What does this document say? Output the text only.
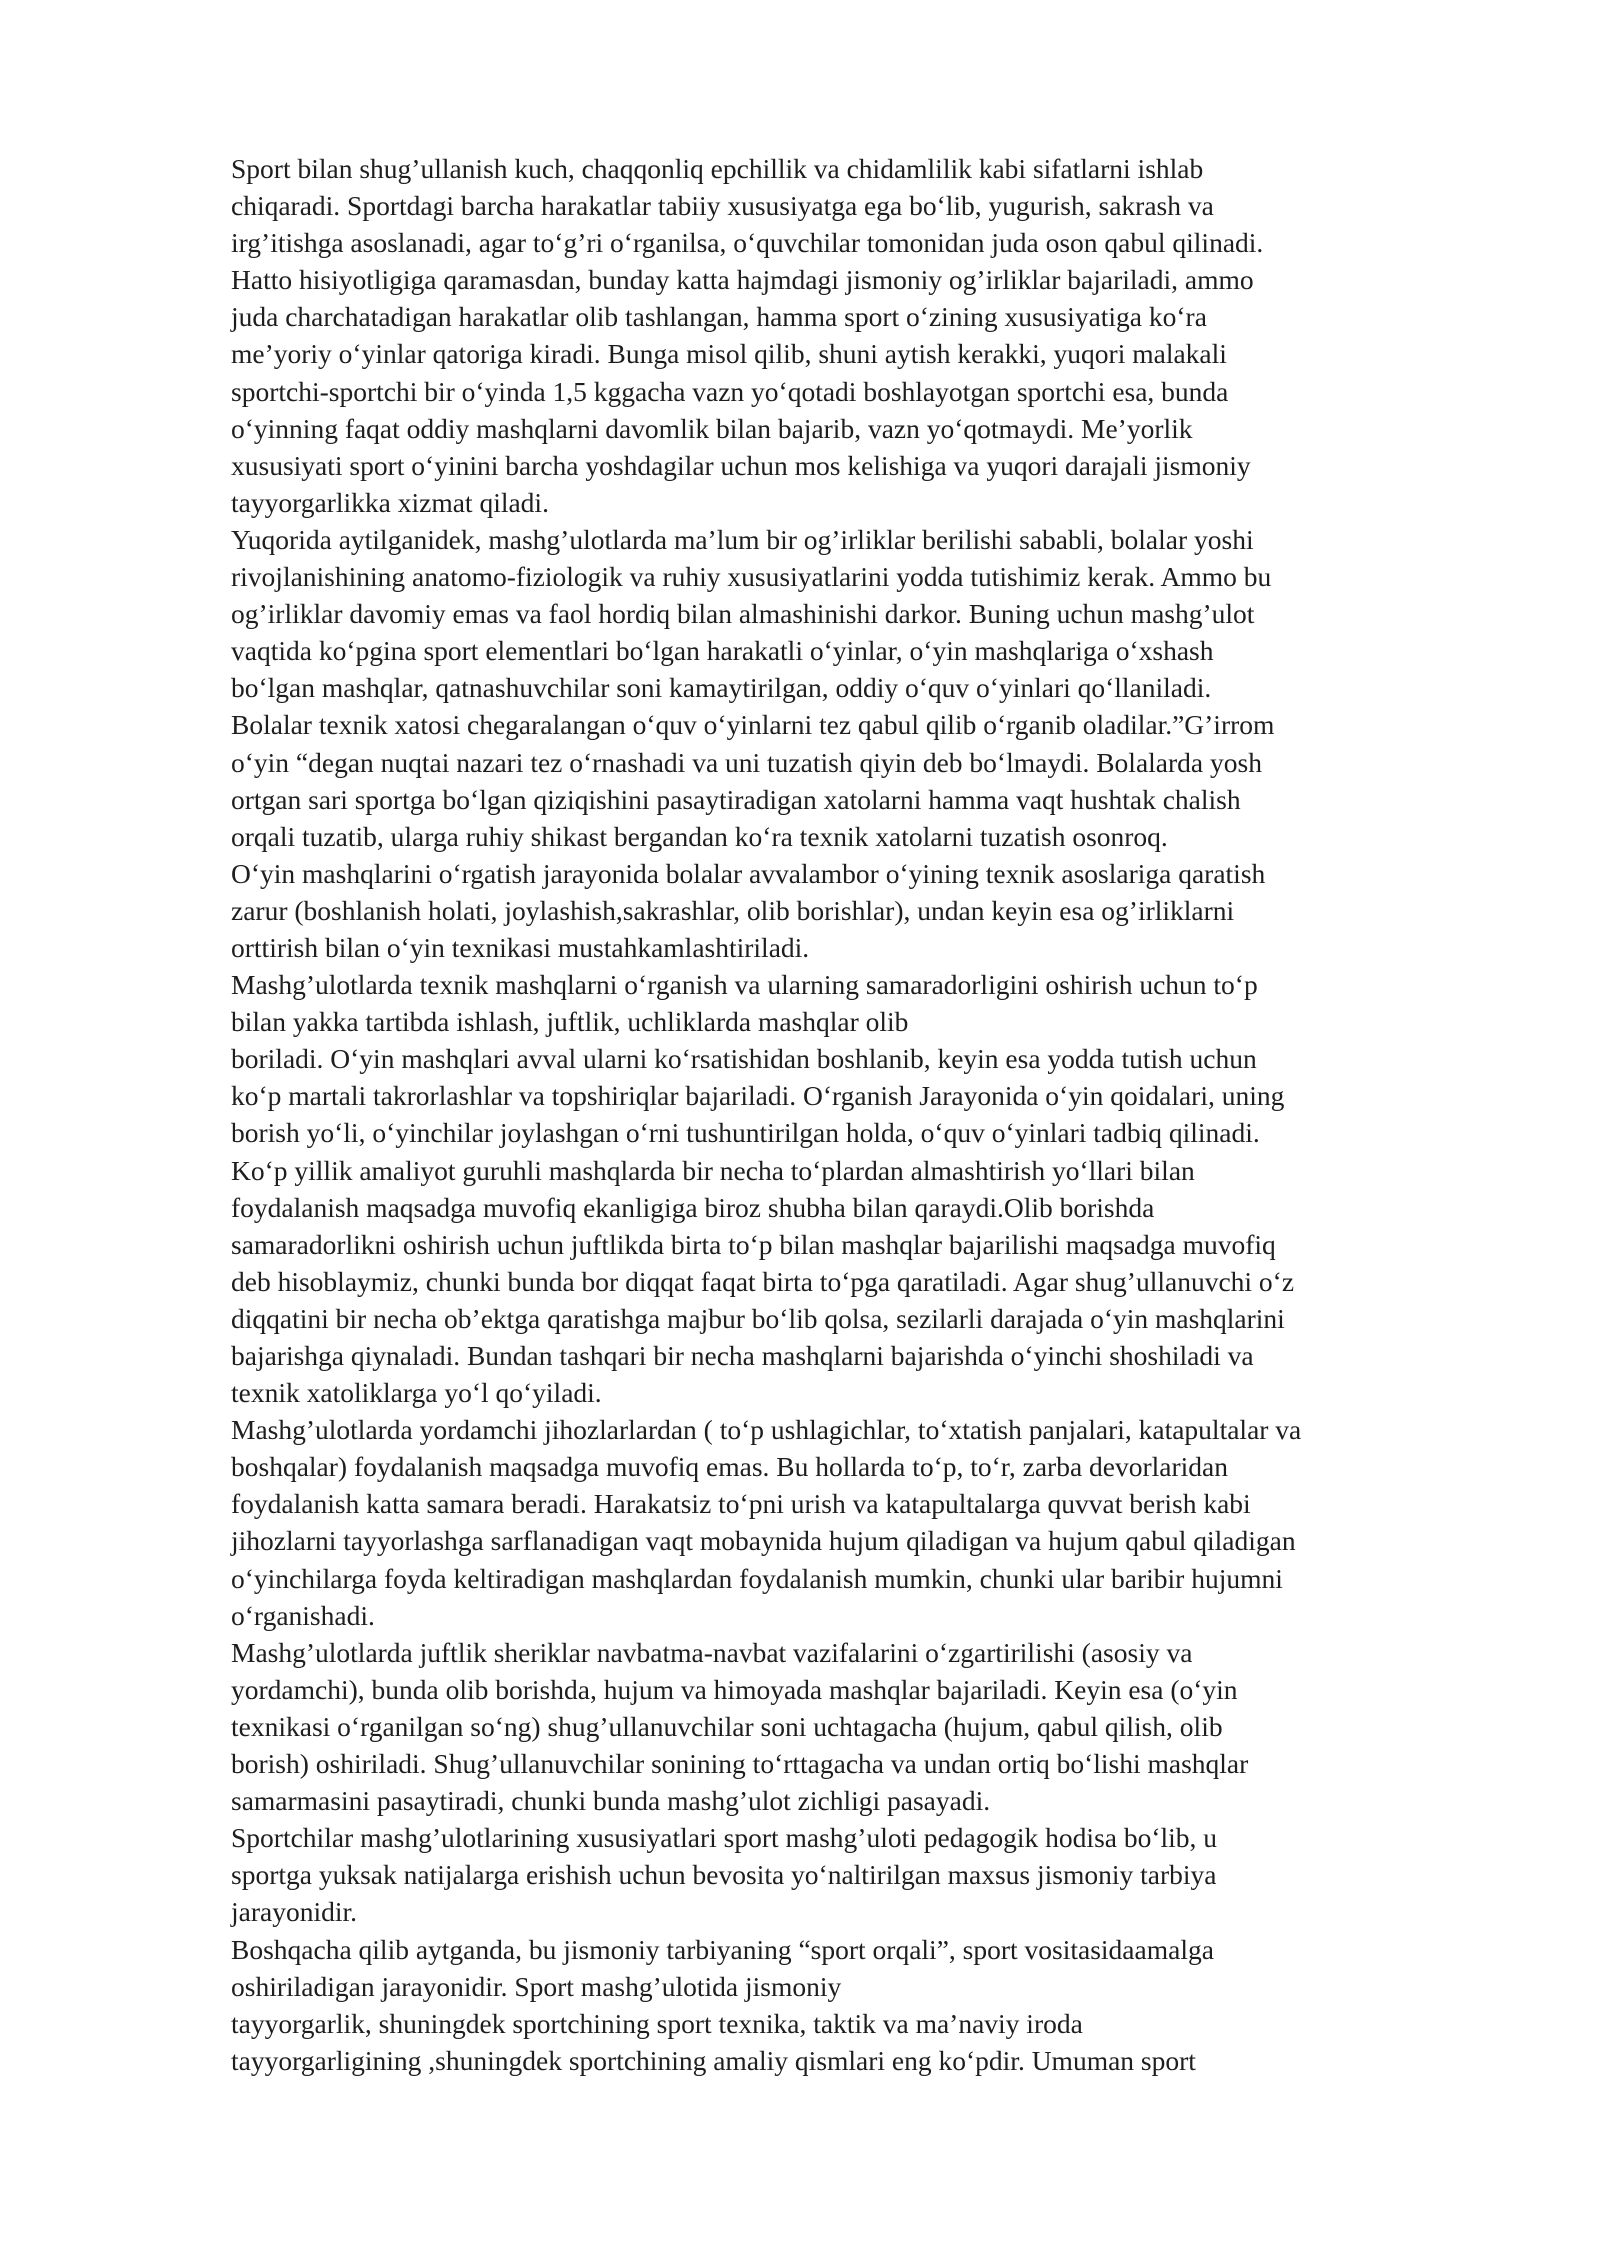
Sport bilan shug’ullanish kuch, chaqqonliq epchillik va chidamlilik kabi sifatlarni ishlab
chiqaradi. Sportdagi barcha harakatlar tabiiy xususiyatga ega bo‘lib, yugurish, sakrash va
irg’itishga asoslanadi, agar to‘g’ri o‘rganilsa, o‘quvchilar tomonidan juda oson qabul qilinadi.
Hatto hisiyotligiga qaramasdan, bunday katta hajmdagi jismoniy og’irliklar bajariladi, ammo
juda charchatadigan harakatlar olib tashlangan, hamma sport o‘zining xususiyatiga ko‘ra
me’yoriy o‘yinlar qatoriga kiradi. Bunga misol qilib, shuni aytish kerakki, yuqori malakali
sportchi-sportchi bir o‘yinda 1,5 kggacha vazn yo‘qotadi boshlayotgan sportchi esa, bunda
o‘yinning faqat oddiy mashqlarni davomlik bilan bajarib, vazn yo‘qotmaydi. Me’yorlik
xususiyati sport o‘yinini barcha yoshdagilar uchun mos kelishiga va yuqori darajali jismoniy
tayyorgarlikka xizmat qiladi.
Yuqorida aytilganidek, mashg’ulotlarda ma’lum bir og’irliklar berilishi sababli, bolalar yoshi
rivojlanishining anatomo-fiziologik va ruhiy xususiyatlarini yodda tutishimiz kerak. Ammo bu
og’irliklar davomiy emas va faol hordiq bilan almashinishi darkor. Buning uchun mashg’ulot
vaqtida ko‘pgina sport elementlari bo‘lgan harakatli o‘yinlar, o‘yin mashqlariga o‘xshash
bo‘lgan mashqlar, qatnashuvchilar soni kamaytirilgan, oddiy o‘quv o‘yinlari qo‘llaniladi.
Bolalar texnik xatosi chegaralangan o‘quv o‘yinlarni tez qabul qilib o‘rganib oladilar.”G’irrom
o‘yin “degan nuqtai nazari tez o‘rnashadi va uni tuzatish qiyin deb bo‘lmaydi. Bolalarda yosh
ortgan sari sportga bo‘lgan qiziqishini pasaytiradigan xatolarni hamma vaqt hushtak chalish
orqali tuzatib, ularga ruhiy shikast bergandan ko‘ra texnik xatolarni tuzatish osonroq.
O‘yin mashqlarini o‘rgatish jarayonida bolalar avvalambor o‘yining texnik asoslariga qaratish
zarur (boshlanish holati, joylashish,sakrashlar, olib borishlar), undan keyin esa og’irliklarni
orttirish bilan o‘yin texnikasi mustahkamlashtiriladi.
Mashg’ulotlarda texnik mashqlarni o‘rganish va ularning samaradorligini oshirish uchun to‘p
bilan yakka tartibda ishlash, juftlik, uchliklarda mashqlar olib
boriladi. O‘yin mashqlari avval ularni ko‘rsatishidan boshlanib, keyin esa yodda tutish uchun
ko‘p martali takrorlashlar va topshiriqlar bajariladi. O‘rganish Jarayonida o‘yin qoidalari, uning
borish yo‘li, o‘yinchilar joylashgan o‘rni tushuntirilgan holda, o‘quv o‘yinlari tadbiq qilinadi.
Ko‘p yillik amaliyot guruhli mashqlarda bir necha to‘plardan almashtirish yo‘llari bilan
foydalanish maqsadga muvofiq ekanligiga biroz shubha bilan qaraydi.Olib borishda
samaradorlikni oshirish uchun juftlikda birta to‘p bilan mashqlar bajarilishi maqsadga muvofiq
deb hisoblaymiz, chunki bunda bor diqqat faqat birta to‘pga qaratiladi. Agar shug’ullanuvchi o‘z
diqqatini bir necha ob’ektga qaratishga majbur bo‘lib qolsa, sezilarli darajada o‘yin mashqlarini
bajarishga qiynaladi. Bundan tashqari bir necha mashqlarni bajarishda o‘yinchi shoshiladi va
texnik xatoliklarga yo‘l qo‘yiladi.
Mashg’ulotlarda yordamchi jihozlarlardan ( to‘p ushlagichlar, to‘xtatish panjalari, katapultalar va
boshqalar) foydalanish maqsadga muvofiq emas. Bu hollarda to‘p, to‘r, zarba devorlaridan
foydalanish katta samara beradi. Harakatsiz to‘pni urish va katapultalarga quvvat berish kabi
jihozlarni tayyorlashga sarflanadigan vaqt mobaynida hujum qiladigan va hujum qabul qiladigan
o‘yinchilarga foyda keltiradigan mashqlardan foydalanish mumkin, chunki ular baribir hujumni
o‘rganishadi.
Mashg’ulotlarda juftlik sheriklar navbatma-navbat vazifalarini o‘zgartirilishi (asosiy va
yordamchi), bunda olib borishda, hujum va himoyada mashqlar bajariladi. Keyin esa (o‘yin
texnikasi o‘rganilgan so‘ng) shug’ullanuvchilar soni uchtagacha (hujum, qabul qilish, olib
borish) oshiriladi. Shug’ullanuvchilar sonining to‘rttagacha va undan ortiq bo‘lishi mashqlar
samarmasini pasaytiradi, chunki bunda mashg’ulot zichligi pasayadi.
Sportchilar mashg’ulotlarining xususiyatlari sport mashg’uloti pedagogik hodisa bo‘lib, u
sportga yuksak natijalarga erishish uchun bevosita yo‘naltirilgan maxsus jismoniy tarbiya
jarayonidir.
Boshqacha qilib aytganda, bu jismoniy tarbiyaning “sport orqali”, sport vositasidaamalga
oshiriladigan jarayonidir. Sport mashg’ulotida jismoniy
tayyorgarlik, shuningdek sportchining sport texnika, taktik va ma’naviy iroda
tayyorgarligining ,shuningdek sportchining amaliy qismlari eng ko‘pdir. Umuman sport
